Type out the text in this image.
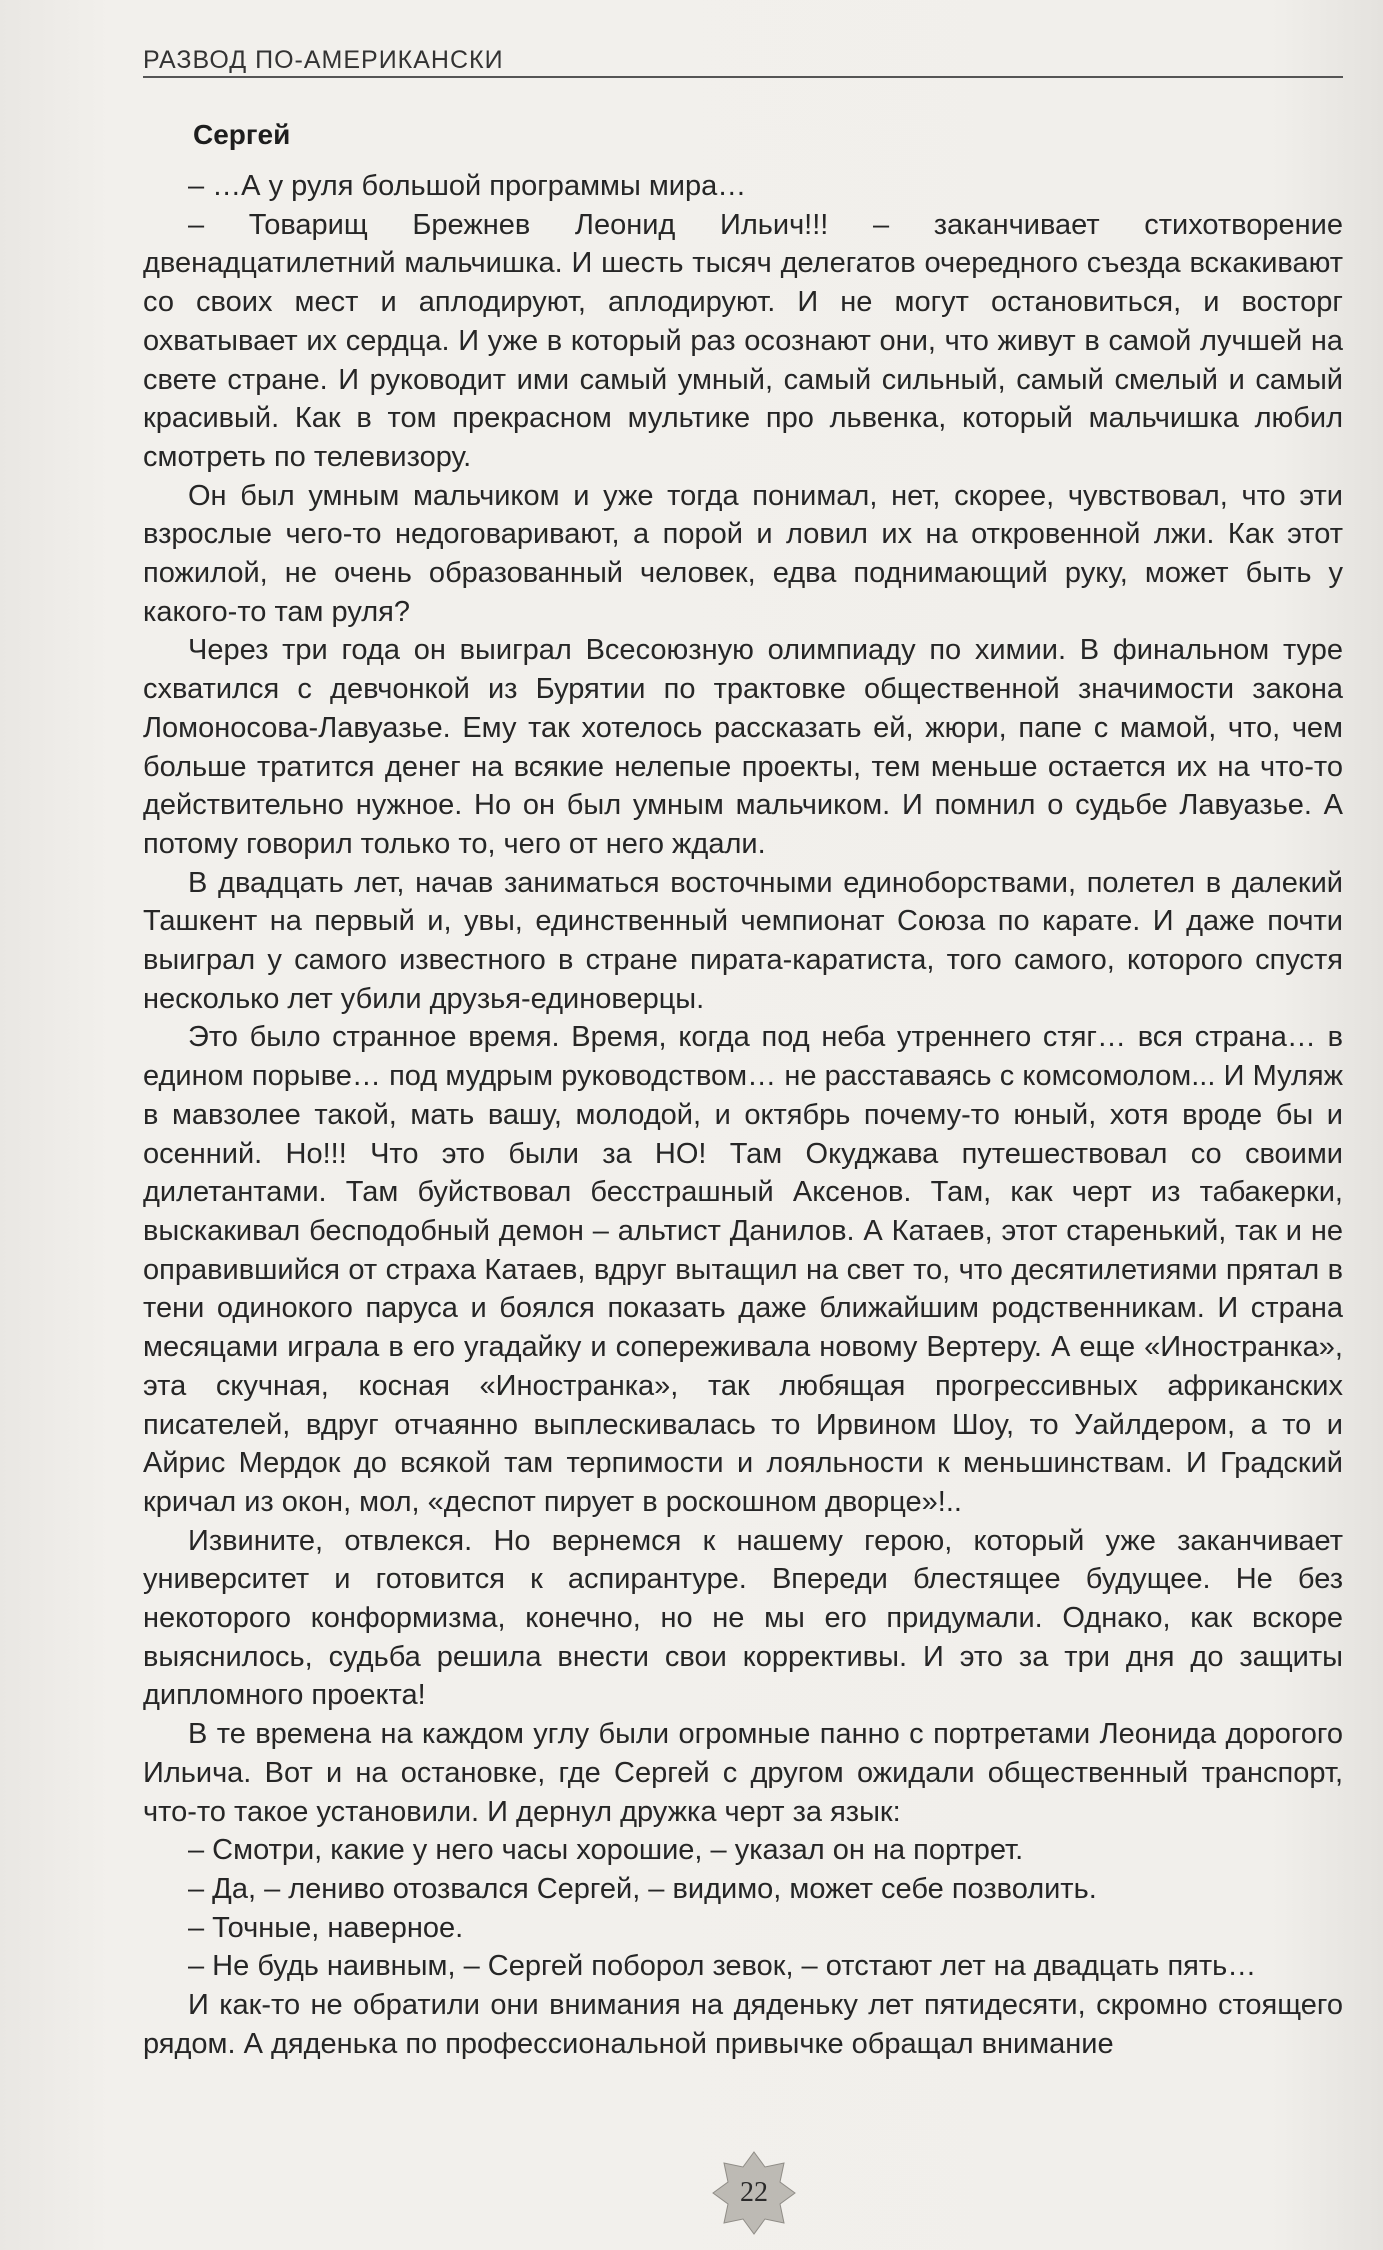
РАЗВОД ПО-АМЕРИКАНСКИ
Сергей

– …А у руля большой программы мира…

– Товарищ Брежнев Леонид Ильич!!! – заканчивает стихотворение двенадцатилетний мальчишка. И шесть тысяч делегатов очередного съезда вскакивают со своих мест и аплодируют, аплодируют. И не могут остановиться, и восторг охватывает их сердца. И уже в который раз осознают они, что живут в самой лучшей на свете стране. И руководит ими самый умный, самый сильный, самый смелый и самый красивый. Как в том прекрасном мультике про львенка, который мальчишка любил смотреть по телевизору.

Он был умным мальчиком и уже тогда понимал, нет, скорее, чувствовал, что эти взрослые чего-то недоговаривают, а порой и ловил их на откровенной лжи. Как этот пожилой, не очень образованный человек, едва поднимающий руку, может быть у какого-то там руля?

Через три года он выиграл Всесоюзную олимпиаду по химии. В финальном туре схватился с девчонкой из Бурятии по трактовке общественной значимости закона Ломоносова-Лавуазье. Ему так хотелось рассказать ей, жюри, папе с мамой, что, чем больше тратится денег на всякие нелепые проекты, тем меньше остается их на что-то действительно нужное. Но он был умным мальчиком. И помнил о судьбе Лавуазье. А потому говорил только то, чего от него ждали.

В двадцать лет, начав заниматься восточными единоборствами, полетел в далекий Ташкент на первый и, увы, единственный чемпионат Союза по карате. И даже почти выиграл у самого известного в стране пирата-каратиста, того самого, которого спустя несколько лет убили друзья-единоверцы.

Это было странное время. Время, когда под неба утреннего стяг… вся страна… в едином порыве… под мудрым руководством… не расставаясь с комсомолом... И Муляж в мавзолее такой, мать вашу, молодой, и октябрь почему-то юный, хотя вроде бы и осенний. Но!!! Что это были за НО! Там Окуджава путешествовал со своими дилетантами. Там буйствовал бесстрашный Аксенов. Там, как черт из табакерки, выскакивал бесподобный демон – альтист Данилов. А Катаев, этот старенький, так и не оправившийся от страха Катаев, вдруг вытащил на свет то, что десятилетиями прятал в тени одинокого паруса и боялся показать даже ближайшим родственникам. И страна месяцами играла в его угадайку и сопереживала новому Вертеру. А еще «Иностранка», эта скучная, косная «Иностранка», так любящая прогрессивных африканских писателей, вдруг отчаянно выплескивалась то Ирвином Шоу, то Уайлдером, а то и Айрис Мердок до всякой там терпимости и лояльности к меньшинствам. И Градский кричал из окон, мол, «деспот пирует в роскошном дворце»!..

Извините, отвлекся. Но вернемся к нашему герою, который уже заканчивает университет и готовится к аспирантуре. Впереди блестящее будущее. Не без некоторого конформизма, конечно, но не мы его придумали. Однако, как вскоре выяснилось, судьба решила внести свои коррективы. И это за три дня до защиты дипломного проекта!

В те времена на каждом углу были огромные панно с портретами Леонида дорогого Ильича. Вот и на остановке, где Сергей с другом ожидали общественный транспорт, что-то такое установили. И дернул дружка черт за язык:

– Смотри, какие у него часы хорошие, – указал он на портрет.

– Да, – лениво отозвался Сергей, – видимо, может себе позволить.

– Точные, наверное.

– Не будь наивным, – Сергей поборол зевок, – отстают лет на двадцать пять…

И как-то не обратили они внимания на дяденьку лет пятидесяти, скромно стоящего рядом. А дяденька по профессиональной привычке обращал внимание

22
